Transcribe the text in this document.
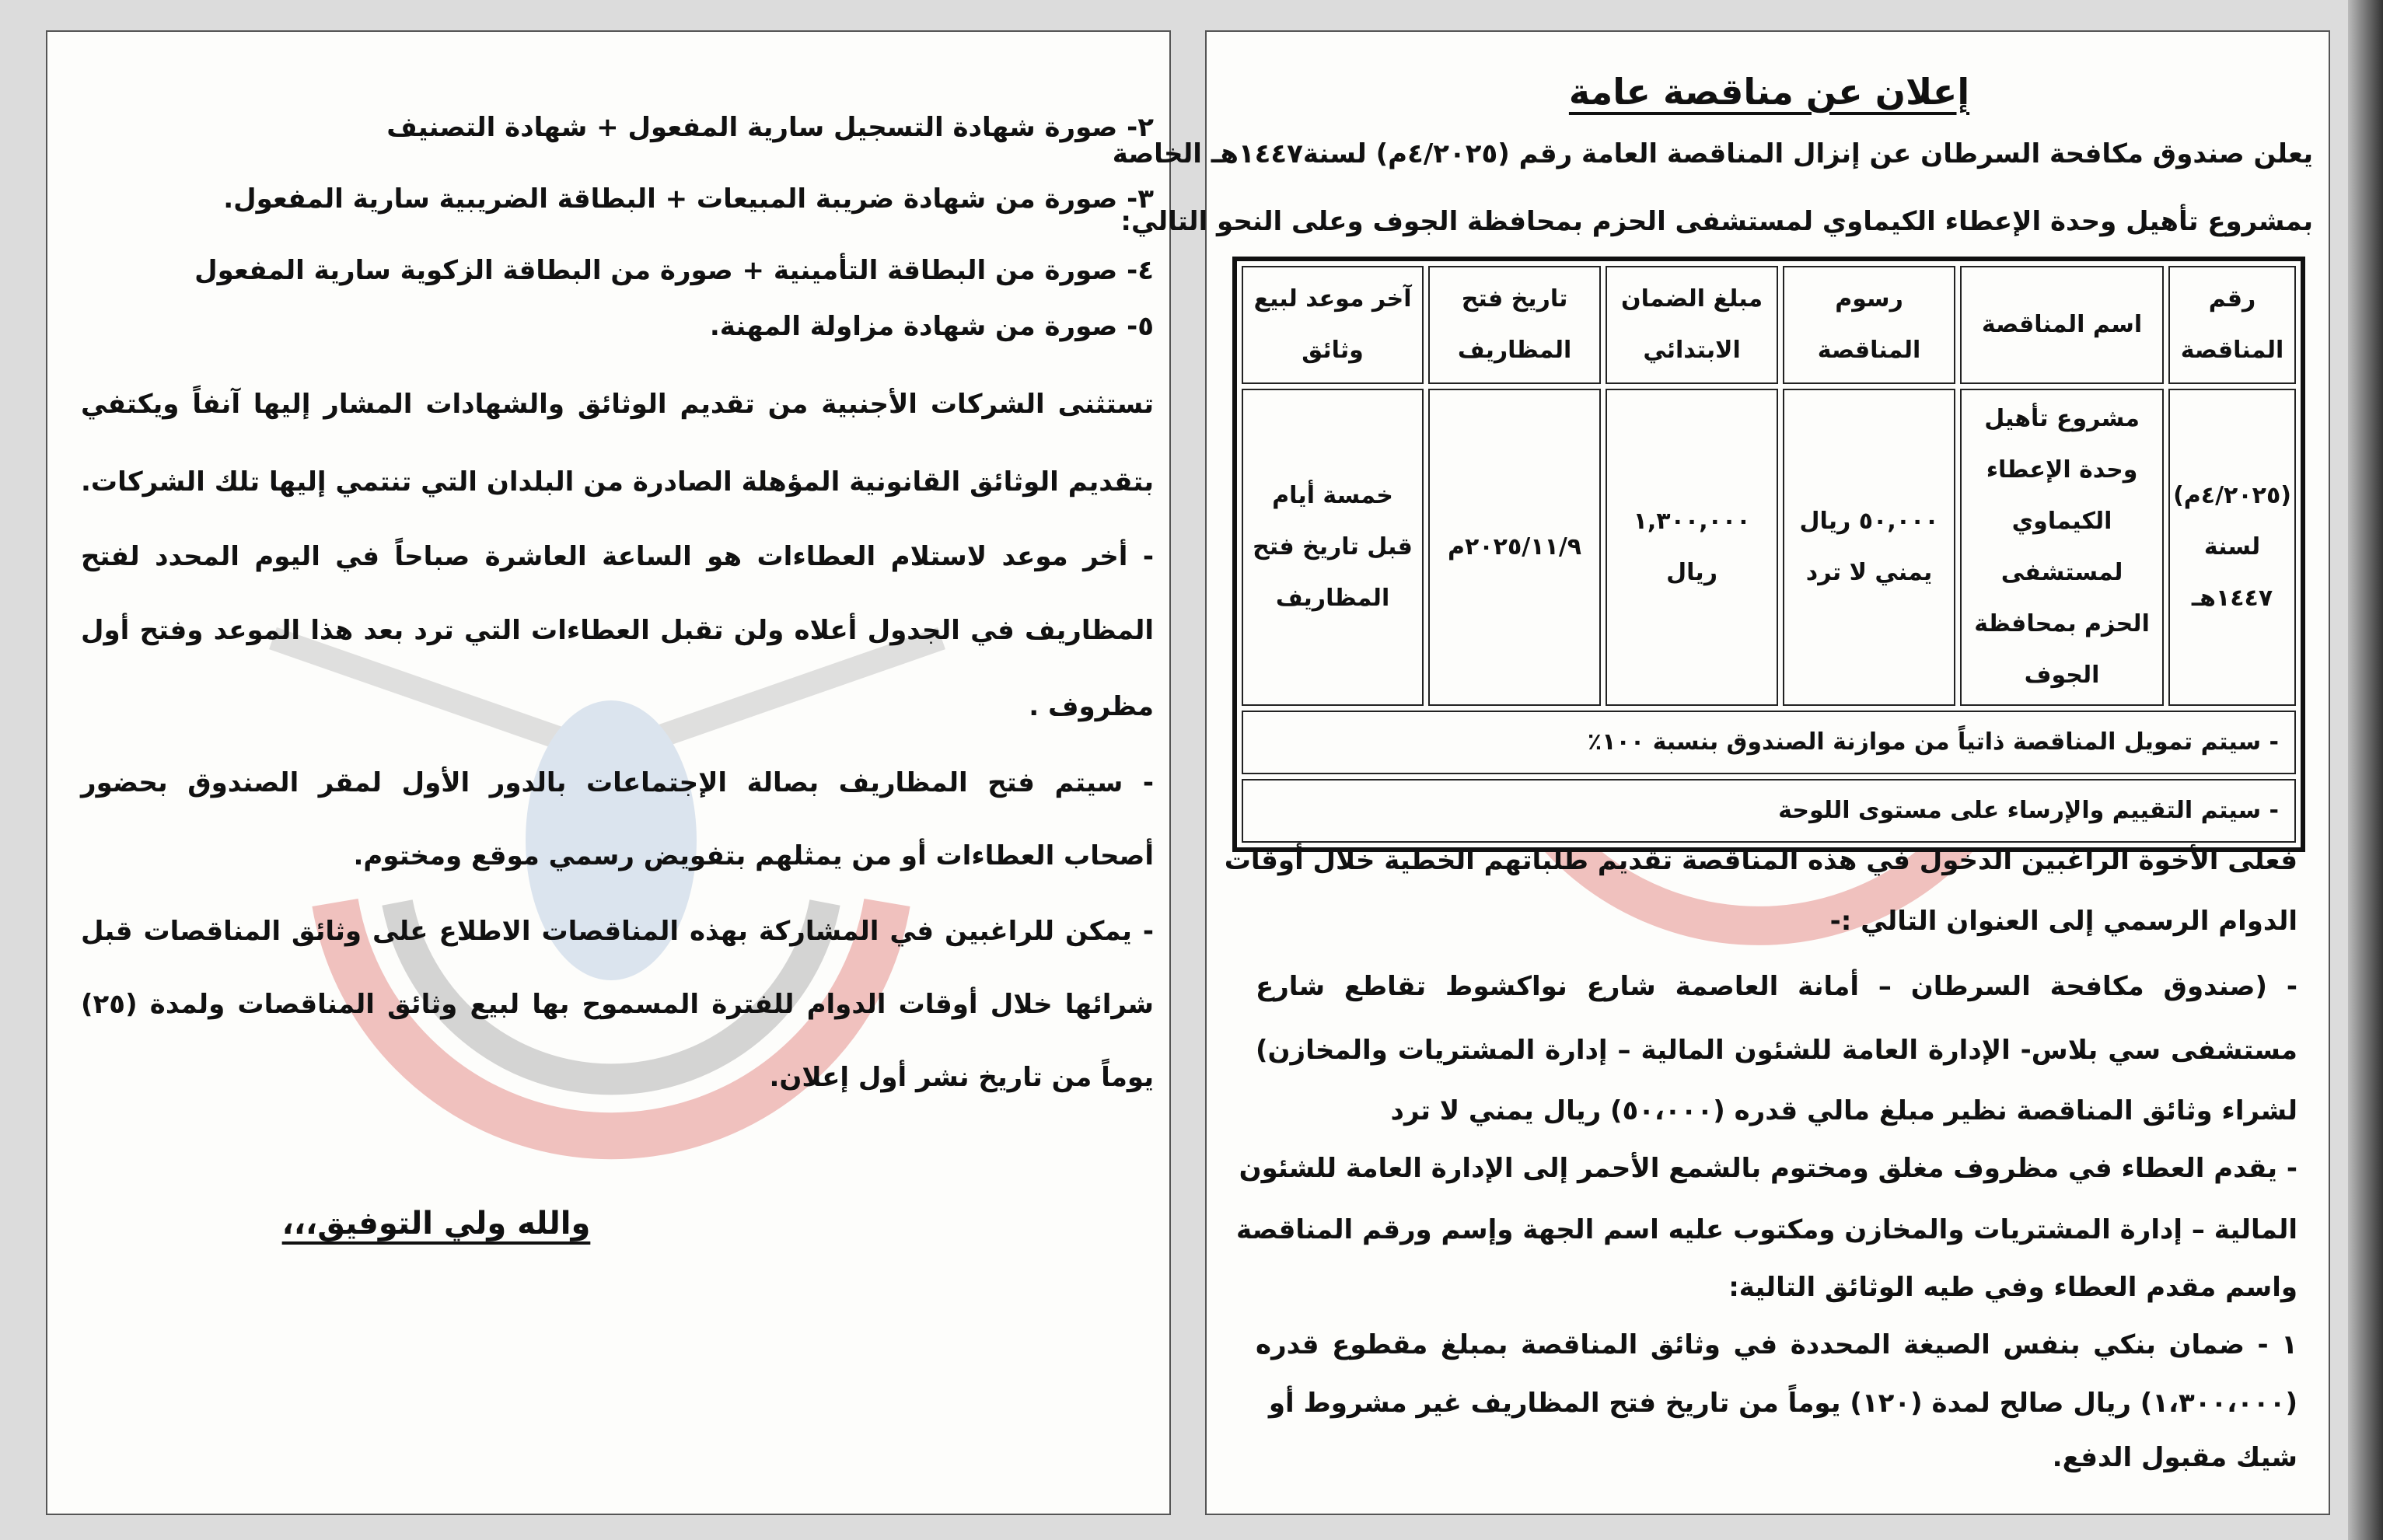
٢- صورة شهادة التسجيل سارية المفعول + شهادة التصنيف
٣- صورة من شهادة ضريبة المبيعات + البطاقة الضريبية سارية المفعول.
٤- صورة من البطاقة التأمينية + صورة من البطاقة الزكوية سارية المفعول
٥- صورة من شهادة مزاولة المهنة.
تستثنى الشركات الأجنبية من تقديم الوثائق والشهادات المشار إليها آنفاً ويكتفي
بتقديم الوثائق القانونية المؤهلة الصادرة من البلدان التي تنتمي إليها تلك الشركات.
- أخر موعد لاستلام العطاءات هو الساعة العاشرة صباحاً في اليوم المحدد لفتح
المظاريف في الجدول أعلاه ولن تقبل العطاءات التي ترد بعد هذا الموعد وفتح أول
مظروف .
- سيتم فتح المظاريف بصالة الإجتماعات بالدور الأول لمقر الصندوق بحضور
أصحاب العطاءات أو من يمثلهم بتفويض رسمي موقع ومختوم.
- يمكن للراغبين في المشاركة بهذه المناقصات الاطلاع على وثائق المناقصات قبل
شرائها خلال أوقات الدوام للفترة المسموح بها لبيع وثائق المناقصات ولمدة (٢٥)
يوماً من تاريخ نشر أول إعلان.
والله ولي التوفيق،،،
إعلان عن مناقصة عامة
يعلن صندوق مكافحة السرطان عن إنزال المناقصة العامة رقم (٤/٢٠٢٥م) لسنة١٤٤٧هـ الخاصة
بمشروع تأهيل وحدة الإعطاء الكيماوي لمستشفى الحزم بمحافظة الجوف وعلى النحو التالي:
رقم المناقصة	اسم المناقصة	رسوم المناقصة	مبلغ الضمان الابتدائي	تاريخ فتح المظاريف	آخر موعد لبيع وثائق
(٤/٢٠٢٥م) لسنة ١٤٤٧هـ	مشروع تأهيل وحدة الإعطاء الكيماوي لمستشفى الحزم بمحافظة الجوف	٥٠,٠٠٠ ريال يمني لا ترد	١,٣٠٠,٠٠٠ ريال	٢٠٢٥/١١/٩م	خمسة أيام قبل تاريخ فتح المظاريف
- سيتم تمويل المناقصة ذاتياً من موازنة الصندوق بنسبة ١٠٠٪					
- سيتم التقييم والإرساء على مستوى اللوحة					
فعلى الأخوة الراغبين الدخول في هذه المناقصة تقديم طلباتهم الخطية خلال أوقات
الدوام الرسمي إلى العنوان التالي :-
- (صندوق مكافحة السرطان – أمانة العاصمة شارع نواكشوط تقاطع شارع
مستشفى سي بلاس- الإدارة العامة للشئون المالية – إدارة المشتريات والمخازن)
لشراء وثائق المناقصة نظير مبلغ مالي قدره (٥٠،٠٠٠) ريال يمني لا ترد
- يقدم العطاء في مظروف مغلق ومختوم بالشمع الأحمر إلى الإدارة العامة للشئون
المالية – إدارة المشتريات والمخازن ومكتوب عليه اسم الجهة وإسم ورقم المناقصة
واسم مقدم العطاء وفي طيه الوثائق التالية:
١ - ضمان بنكي بنفس الصيغة المحددة في وثائق المناقصة بمبلغ مقطوع قدره
(١،٣٠٠،٠٠٠) ريال صالح لمدة (١٢٠) يوماً من تاريخ فتح المظاريف غير مشروط أو
شيك مقبول الدفع.
